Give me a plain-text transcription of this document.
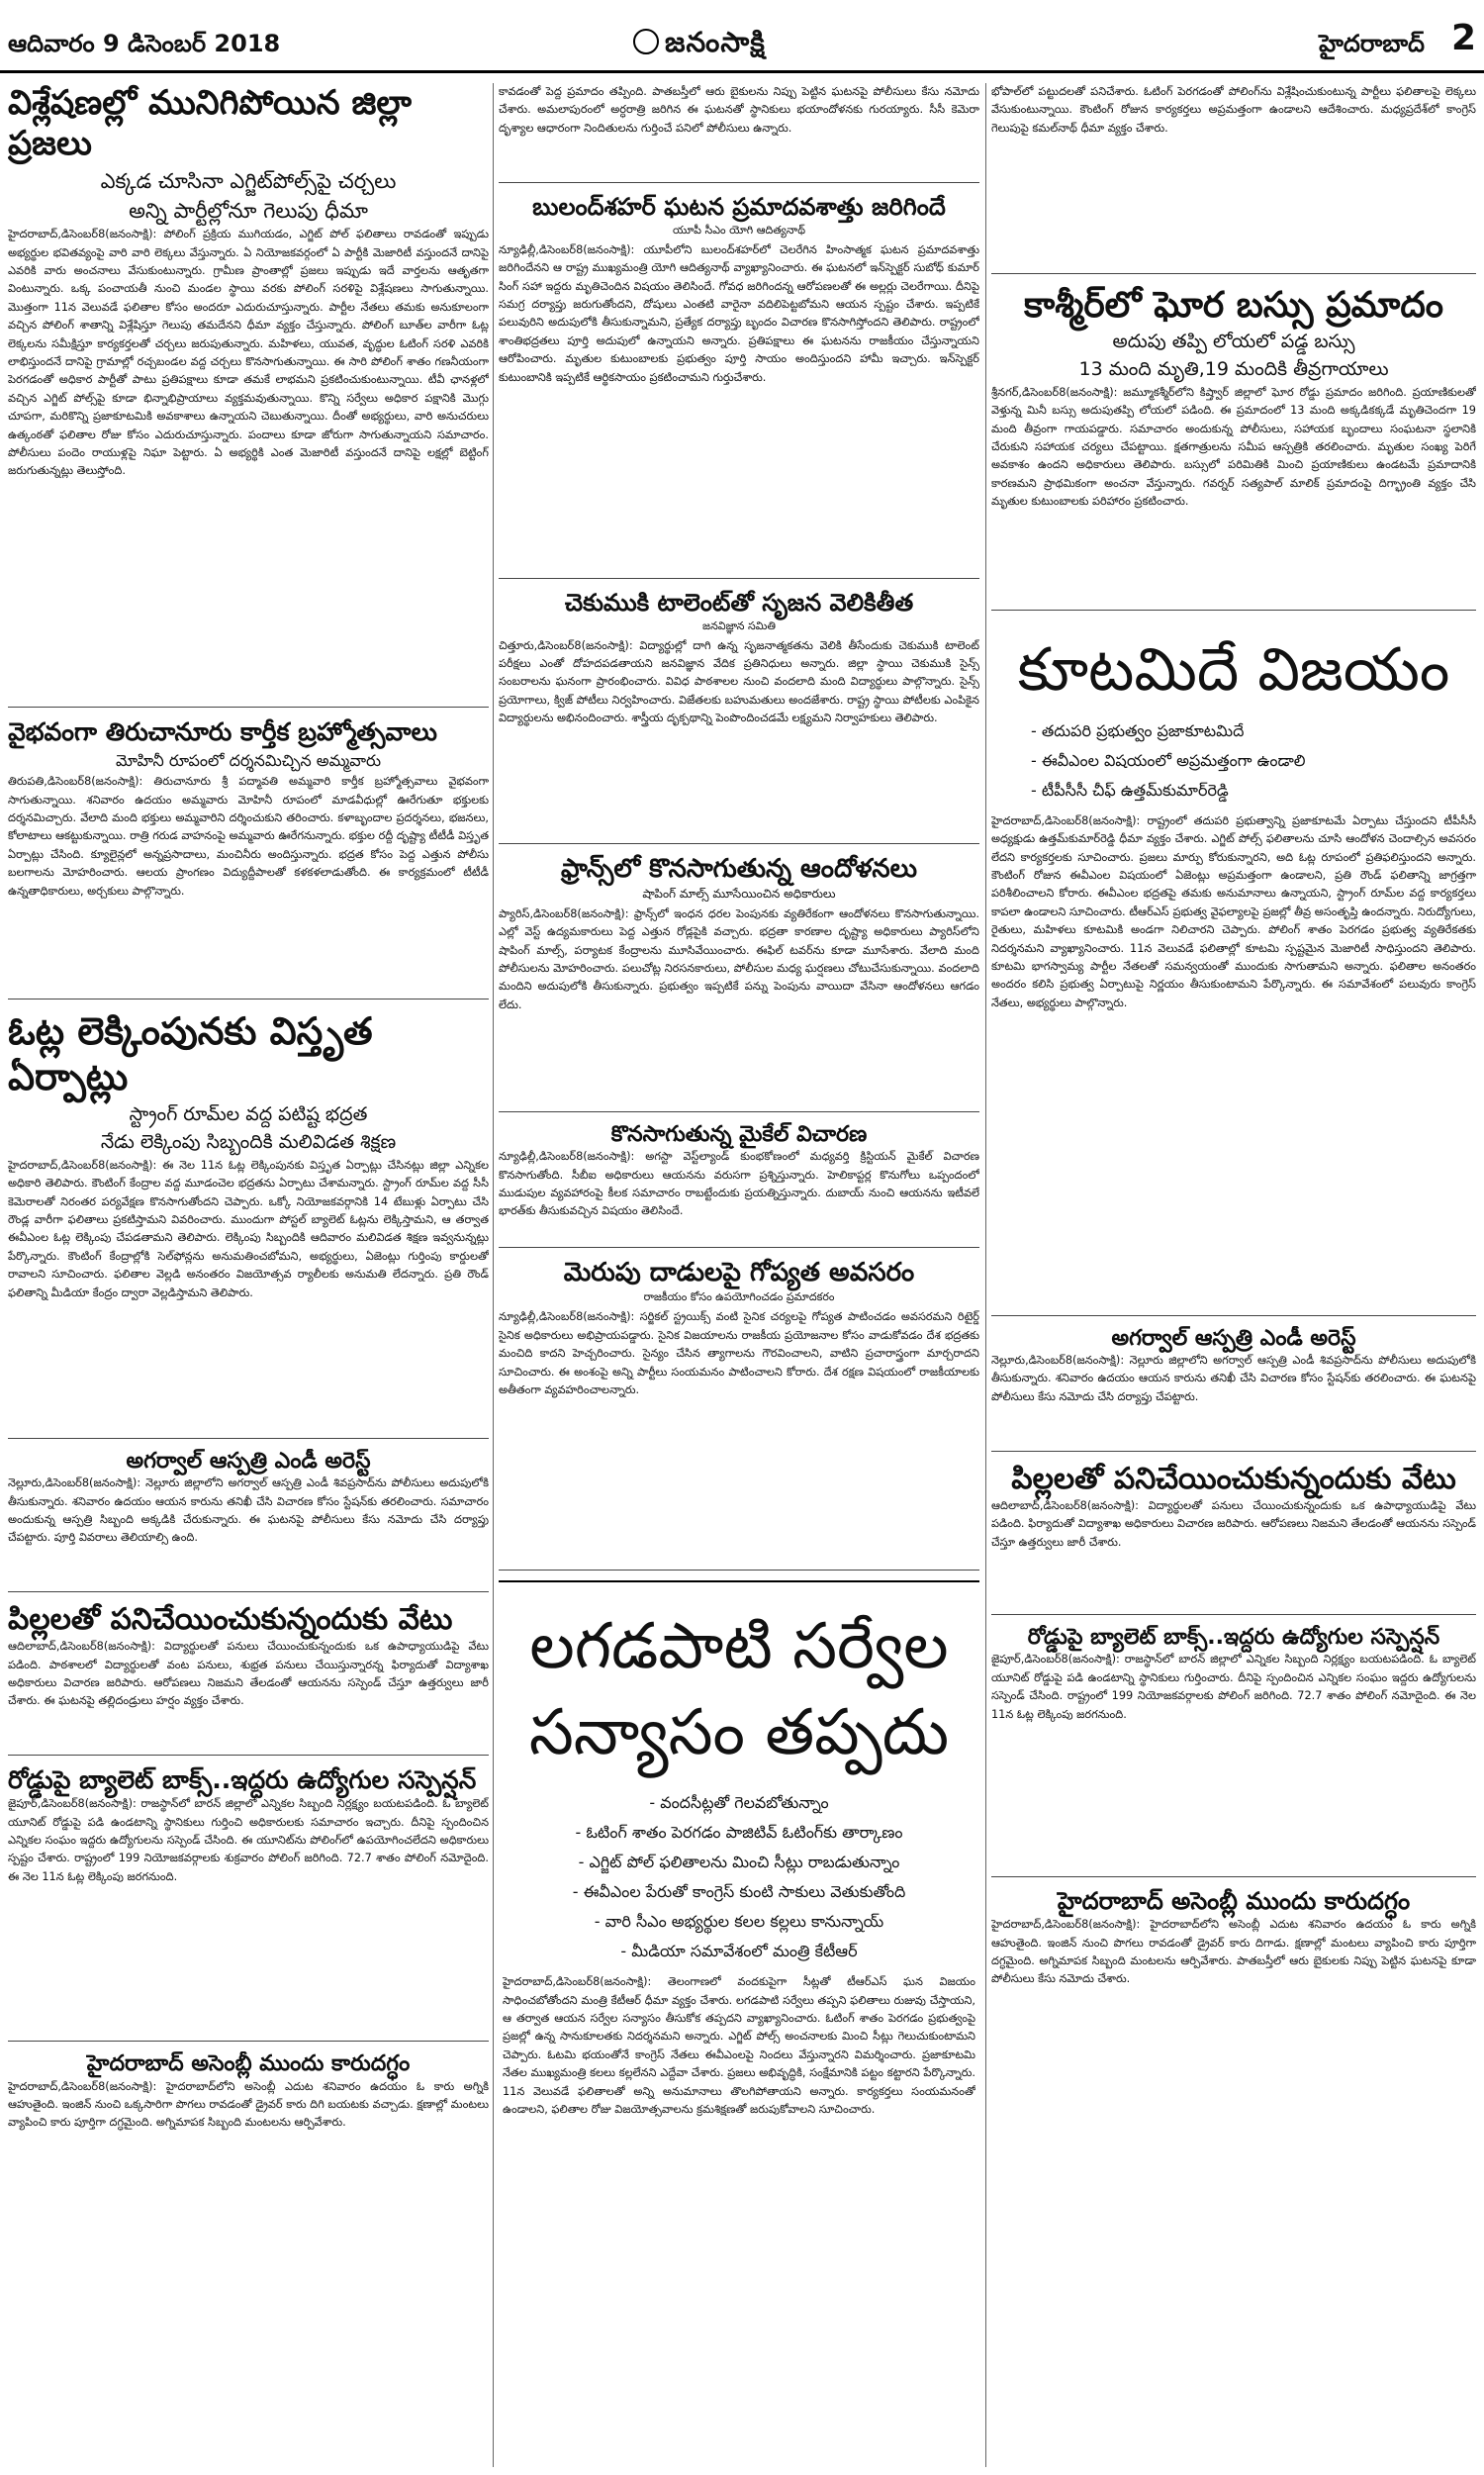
ఆదివారం 9 డిసెంబర్ 2018	జనంసాక్షి	హైదరాబాద్ 2
విశ్లేషణల్లో మునిగిపోయిన జిల్లా ప్రజలు
ఎక్కడ చూసినా ఎగ్జిట్‌పోల్స్‌పై చర్చలు
అన్ని పార్టీల్లోనూ గెలుపు ధీమా

హైదరాబాద్,డిసెంబర్‌8(జనంసాక్షి): పోలింగ్ ప్రక్రియ ముగియడం, ఎగ్జిట్ పోల్ ఫలితాలు రావడంతో ఇప్పుడు అభ్యర్థుల భవితవ్యంపై వారి వారి లెక్కలు వేస్తున్నారు. ఏ నియోజకవర్గంలో ఏ పార్టీకి మెజారిటీ వస్తుందనే దానిపై ఎవరికి వారు అంచనాలు వేసుకుంటున్నారు. గ్రామీణ ప్రాంతాల్లో ప్రజలు ఇప్పుడు ఇదే వార్తలను ఆతృతగా వింటున్నారు. ఒక్క పంచాయతీ నుంచి మండల స్థాయి వరకు పోలింగ్ సరళిపై విశ్లేషణలు సాగుతున్నాయి. మొత్తంగా 11న వెలువడే ఫలితాల కోసం అందరూ ఎదురుచూస్తున్నారు. పార్టీల నేతలు తమకు అనుకూలంగా వచ్చిన పోలింగ్ శాతాన్ని విశ్లేషిస్తూ గెలుపు తమదేనని ధీమా వ్యక్తం చేస్తున్నారు. పోలింగ్ బూత్‌ల వారీగా ఓట్ల లెక్కలను సమీక్షిస్తూ కార్యకర్తలతో చర్చలు జరుపుతున్నారు. మహిళలు, యువత, వృద్ధుల ఓటింగ్ సరళి ఎవరికి లాభిస్తుందనే దానిపై గ్రామాల్లో రచ్చబండల వద్ద చర్చలు కొనసాగుతున్నాయి. ఈ సారి పోలింగ్ శాతం గణనీయంగా పెరగడంతో అధికార పార్టీతో పాటు ప్రతిపక్షాలు కూడా తమకే లాభమని ప్రకటించుకుంటున్నాయి. టీవీ ఛానళ్లలో వచ్చిన ఎగ్జిట్ పోల్స్‌పై కూడా భిన్నాభిప్రాయాలు వ్యక్తమవుతున్నాయి. కొన్ని సర్వేలు అధికార పక్షానికి మొగ్గు చూపగా, మరికొన్ని ప్రజాకూటమికి అవకాశాలు ఉన్నాయని చెబుతున్నాయి. దీంతో అభ్యర్థులు, వారి అనుచరులు ఉత్కంఠతో ఫలితాల రోజు కోసం ఎదురుచూస్తున్నారు. పందాలు కూడా జోరుగా సాగుతున్నాయని సమాచారం. పోలీసులు పందెం రాయుళ్లపై నిఘా పెట్టారు. ఏ అభ్యర్థికి ఎంత మెజారిటీ వస్తుందనే దానిపై లక్షల్లో బెట్టింగ్ జరుగుతున్నట్లు తెలుస్తోంది.

వైభవంగా తిరుచానూరు కార్తీక బ్రహ్మోత్సవాలు
మోహినీ రూపంలో దర్శనమిచ్చిన అమ్మవారు

తిరుపతి,డిసెంబర్‌8(జనంసాక్షి): తిరుచానూరు శ్రీ పద్మావతి అమ్మవారి కార్తీక బ్రహ్మోత్సవాలు వైభవంగా సాగుతున్నాయి. శనివారం ఉదయం అమ్మవారు మోహినీ రూపంలో మాడవీధుల్లో ఊరేగుతూ భక్తులకు దర్శనమిచ్చారు. వేలాది మంది భక్తులు అమ్మవారిని దర్శించుకుని తరించారు. కళాబృందాల ప్రదర్శనలు, భజనలు, కోలాటాలు ఆకట్టుకున్నాయి. రాత్రి గరుడ వాహనంపై అమ్మవారు ఊరేగనున్నారు. భక్తుల రద్దీ దృష్ట్యా టీటీడీ విస్తృత ఏర్పాట్లు చేసింది. క్యూలైన్లలో అన్నప్రసాదాలు, మంచినీరు అందిస్తున్నారు. భద్రత కోసం పెద్ద ఎత్తున పోలీసు బలగాలను మోహరించారు. ఆలయ ప్రాంగణం విద్యుద్దీపాలతో కళకళలాడుతోంది. ఈ కార్యక్రమంలో టీటీడీ ఉన్నతాధికారులు, అర్చకులు పాల్గొన్నారు.

ఓట్ల లెక్కింపునకు విస్తృత ఏర్పాట్లు
స్ట్రాంగ్ రూమ్‌ల వద్ద పటిష్ట భద్రత
నేడు లెక్కింపు సిబ్బందికి మలివిడత శిక్షణ

హైదరాబాద్,డిసెంబర్‌8(జనంసాక్షి): ఈ నెల 11న ఓట్ల లెక్కింపునకు విస్తృత ఏర్పాట్లు చేసినట్లు జిల్లా ఎన్నికల అధికారి తెలిపారు. కౌంటింగ్ కేంద్రాల వద్ద మూడంచెల భద్రతను ఏర్పాటు చేశామన్నారు. స్ట్రాంగ్ రూమ్‌ల వద్ద సీసీ కెమెరాలతో నిరంతర పర్యవేక్షణ కొనసాగుతోందని చెప్పారు. ఒక్కో నియోజకవర్గానికి 14 టేబుళ్లు ఏర్పాటు చేసి రౌండ్ల వారీగా ఫలితాలు ప్రకటిస్తామని వివరించారు. ముందుగా పోస్టల్ బ్యాలెట్ ఓట్లను లెక్కిస్తామని, ఆ తర్వాత ఈవీఎంల ఓట్ల లెక్కింపు చేపడతామని తెలిపారు. లెక్కింపు సిబ్బందికి ఆదివారం మలివిడత శిక్షణ ఇవ్వనున్నట్లు పేర్కొన్నారు. కౌంటింగ్ కేంద్రాల్లోకి సెల్‌ఫోన్లను అనుమతించబోమని, అభ్యర్థులు, ఏజెంట్లు గుర్తింపు కార్డులతో రావాలని సూచించారు. ఫలితాల వెల్లడి అనంతరం విజయోత్సవ ర్యాలీలకు అనుమతి లేదన్నారు. ప్రతి రౌండ్ ఫలితాన్ని మీడియా కేంద్రం ద్వారా వెల్లడిస్తామని తెలిపారు.

అగర్వాల్ ఆస్పత్రి ఎండీ అరెస్ట్

నెల్లూరు,డిసెంబర్‌8(జనంసాక్షి): నెల్లూరు జిల్లాలోని అగర్వాల్ ఆస్పత్రి ఎండీ శివప్రసాద్‌ను పోలీసులు అదుపులోకి తీసుకున్నారు. శనివారం ఉదయం ఆయన కారును తనిఖీ చేసి విచారణ కోసం స్టేషన్‌కు తరలించారు. సమాచారం అందుకున్న ఆస్పత్రి సిబ్బంది అక్కడికి చేరుకున్నారు. ఈ ఘటనపై పోలీసులు కేసు నమోదు చేసి దర్యాప్తు చేపట్టారు. పూర్తి వివరాలు తెలియాల్సి ఉంది.

పిల్లలతో పనిచేయించుకున్నందుకు వేటు

ఆదిలాబాద్,డిసెంబర్‌8(జనంసాక్షి): విద్యార్థులతో పనులు చేయించుకున్నందుకు ఒక ఉపాధ్యాయుడిపై వేటు పడింది. పాఠశాలలో విద్యార్థులతో వంట పనులు, శుభ్రత పనులు చేయిస్తున్నారన్న ఫిర్యాదుతో విద్యాశాఖ అధికారులు విచారణ జరిపారు. ఆరోపణలు నిజమని తేలడంతో ఆయనను సస్పెండ్ చేస్తూ ఉత్తర్వులు జారీ చేశారు. ఈ ఘటనపై తల్లిదండ్రులు హర్షం వ్యక్తం చేశారు.

రోడ్డుపై బ్యాలెట్ బాక్స్..ఇద్దరు ఉద్యోగుల సస్పెన్షన్

జైపూర్,డిసెంబర్‌8(జనంసాక్షి): రాజస్థాన్‌లో బారన్ జిల్లాలో ఎన్నికల సిబ్బంది నిర్లక్ష్యం బయటపడింది. ఓ బ్యాలెట్ యూనిట్ రోడ్డుపై పడి ఉండటాన్ని స్థానికులు గుర్తించి అధికారులకు సమాచారం ఇచ్చారు. దీనిపై స్పందించిన ఎన్నికల సంఘం ఇద్దరు ఉద్యోగులను సస్పెండ్ చేసింది. ఈ యూనిట్‌ను పోలింగ్‌లో ఉపయోగించలేదని అధికారులు స్పష్టం చేశారు. రాష్ట్రంలో 199 నియోజకవర్గాలకు శుక్రవారం పోలింగ్ జరిగింది. 72.7 శాతం పోలింగ్ నమోదైంది. ఈ నెల 11న ఓట్ల లెక్కింపు జరగనుంది.

హైదరాబాద్ అసెంబ్లీ ముందు కారుదగ్ధం

హైదరాబాద్,డిసెంబర్‌8(జనంసాక్షి): హైదరాబాద్‌లోని అసెంబ్లీ ఎదుట శనివారం ఉదయం ఓ కారు అగ్నికి ఆహుతైంది. ఇంజిన్ నుంచి ఒక్కసారిగా పొగలు రావడంతో డ్రైవర్ కారు దిగి బయటకు వచ్చాడు. క్షణాల్లో మంటలు వ్యాపించి కారు పూర్తిగా దగ్ధమైంది. అగ్నిమాపక సిబ్బంది మంటలను ఆర్పివేశారు.

కావడంతో పెద్ద ప్రమాదం తప్పింది. పాతబస్తీలో ఆరు బైకులను నిప్పు పెట్టిన ఘటనపై పోలీసులు కేసు నమోదు చేశారు. అమలాపురంలో అర్ధరాత్రి జరిగిన ఈ ఘటనతో స్థానికులు భయాందోళనకు గురయ్యారు. సీసీ కెమెరా దృశ్యాల ఆధారంగా నిందితులను గుర్తించే పనిలో పోలీసులు ఉన్నారు.

బులంద్‌శహర్ ఘటన ప్రమాదవశాత్తు జరిగిందే
యూపీ సీఎం యోగి ఆదిత్యనాథ్

న్యూఢిల్లీ,డిసెంబర్‌8(జనంసాక్షి): యూపీలోని బులంద్‌శహర్‌లో చెలరేగిన హింసాత్మక ఘటన ప్రమాదవశాత్తు జరిగిందేనని ఆ రాష్ట్ర ముఖ్యమంత్రి యోగి ఆదిత్యనాథ్ వ్యాఖ్యానించారు. ఈ ఘటనలో ఇన్‌స్పెక్టర్ సుబోధ్ కుమార్ సింగ్ సహా ఇద్దరు మృతిచెందిన విషయం తెలిసిందే. గోవధ జరిగిందన్న ఆరోపణలతో ఈ అల్లర్లు చెలరేగాయి. దీనిపై సమగ్ర దర్యాప్తు జరుగుతోందని, దోషులు ఎంతటి వారైనా వదిలిపెట్టబోమని ఆయన స్పష్టం చేశారు. ఇప్పటికే పలువురిని అదుపులోకి తీసుకున్నామని, ప్రత్యేక దర్యాప్తు బృందం విచారణ కొనసాగిస్తోందని తెలిపారు. రాష్ట్రంలో శాంతిభద్రతలు పూర్తి అదుపులో ఉన్నాయని అన్నారు. ప్రతిపక్షాలు ఈ ఘటనను రాజకీయం చేస్తున్నాయని ఆరోపించారు. మృతుల కుటుంబాలకు ప్రభుత్వం పూర్తి సాయం అందిస్తుందని హామీ ఇచ్చారు. ఇన్‌స్పెక్టర్ కుటుంబానికి ఇప్పటికే ఆర్థికసాయం ప్రకటించామని గుర్తుచేశారు.

చెకుముకి టాలెంట్‌తో సృజన వెలికితీత
జనవిజ్ఞాన సమితి

చిత్తూరు,డిసెంబర్‌8(జనంసాక్షి): విద్యార్థుల్లో దాగి ఉన్న సృజనాత్మకతను వెలికి తీసేందుకు చెకుముకి టాలెంట్ పరీక్షలు ఎంతో దోహదపడతాయని జనవిజ్ఞాన వేదిక ప్రతినిధులు అన్నారు. జిల్లా స్థాయి చెకుముకి సైన్స్ సంబరాలను ఘనంగా ప్రారంభించారు. వివిధ పాఠశాలల నుంచి వందలాది మంది విద్యార్థులు పాల్గొన్నారు. సైన్స్ ప్రయోగాలు, క్విజ్ పోటీలు నిర్వహించారు. విజేతలకు బహుమతులు అందజేశారు. రాష్ట్ర స్థాయి పోటీలకు ఎంపికైన విద్యార్థులను అభినందించారు. శాస్త్రీయ దృక్పథాన్ని పెంపొందించడమే లక్ష్యమని నిర్వాహకులు తెలిపారు.

ఫ్రాన్స్‌లో కొనసాగుతున్న ఆందోళనలు
షాపింగ్ మాల్స్ మూసేయించిన అధికారులు

ప్యారిస్,డిసెంబర్‌8(జనంసాక్షి): ఫ్రాన్స్‌లో ఇంధన ధరల పెంపునకు వ్యతిరేకంగా ఆందోళనలు కొనసాగుతున్నాయి. ఎల్లో వెస్ట్ ఉద్యమకారులు పెద్ద ఎత్తున రోడ్లపైకి వచ్చారు. భద్రతా కారణాల దృష్ట్యా అధికారులు ప్యారిస్‌లోని షాపింగ్ మాల్స్, పర్యాటక కేంద్రాలను మూసివేయించారు. ఈఫిల్ టవర్‌ను కూడా మూసేశారు. వేలాది మంది పోలీసులను మోహరించారు. పలుచోట్ల నిరసనకారులు, పోలీసుల మధ్య ఘర్షణలు చోటుచేసుకున్నాయి. వందలాది మందిని అదుపులోకి తీసుకున్నారు. ప్రభుత్వం ఇప్పటికే పన్ను పెంపును వాయిదా వేసినా ఆందోళనలు ఆగడం లేదు.

కొనసాగుతున్న మైకేల్ విచారణ

న్యూఢిల్లీ,డిసెంబర్‌8(జనంసాక్షి): అగస్టా వెస్ట్‌ల్యాండ్ కుంభకోణంలో మధ్యవర్తి క్రిస్టియన్ మైకేల్ విచారణ కొనసాగుతోంది. సీబీఐ అధికారులు ఆయనను వరుసగా ప్రశ్నిస్తున్నారు. హెలికాప్టర్ల కొనుగోలు ఒప్పందంలో ముడుపుల వ్యవహారంపై కీలక సమాచారం రాబట్టేందుకు ప్రయత్నిస్తున్నారు. దుబాయ్ నుంచి ఆయనను ఇటీవలే భారత్‌కు తీసుకువచ్చిన విషయం తెలిసిందే.

మెరుపు దాడులపై గోప్యత అవసరం
రాజకీయం కోసం ఉపయోగించడం ప్రమాదకరం

న్యూఢిల్లీ,డిసెంబర్‌8(జనంసాక్షి): సర్జికల్ స్ట్రయిక్స్ వంటి సైనిక చర్యలపై గోప్యత పాటించడం అవసరమని రిటైర్డ్ సైనిక అధికారులు అభిప్రాయపడ్డారు. సైనిక విజయాలను రాజకీయ ప్రయోజనాల కోసం వాడుకోవడం దేశ భద్రతకు మంచిది కాదని హెచ్చరించారు. సైన్యం చేసిన త్యాగాలను గౌరవించాలని, వాటిని ప్రచారాస్త్రంగా మార్చరాదని సూచించారు. ఈ అంశంపై అన్ని పార్టీలు సంయమనం పాటించాలని కోరారు. దేశ రక్షణ విషయంలో రాజకీయాలకు అతీతంగా వ్యవహరించాలన్నారు.

లగడపాటి సర్వేల సన్యాసం తప్పదు
- వందసీట్లతో గెలవబోతున్నాం
- ఓటింగ్ శాతం పెరగడం పాజిటివ్ ఓటింగ్‌కు తార్కాణం
- ఎగ్జిట్ పోల్ ఫలితాలను మించి సీట్లు రాబడుతున్నాం
- ఈవీఎంల పేరుతో కాంగ్రెస్ కుంటి సాకులు వెతుకుతోంది
- వారి సీఎం అభ్యర్థుల కలల కల్లలు కానున్నాయ్
- మీడియా సమావేశంలో మంత్రి కేటీఆర్

హైదరాబాద్,డిసెంబర్‌8(జనంసాక్షి): తెలంగాణలో వందకుపైగా సీట్లతో టీఆర్ఎస్ ఘన విజయం సాధించబోతోందని మంత్రి కేటీఆర్ ధీమా వ్యక్తం చేశారు. లగడపాటి సర్వేలు తప్పని ఫలితాలు రుజువు చేస్తాయని, ఆ తర్వాత ఆయన సర్వేల సన్యాసం తీసుకోక తప్పదని వ్యాఖ్యానించారు. ఓటింగ్ శాతం పెరగడం ప్రభుత్వంపై ప్రజల్లో ఉన్న సానుకూలతకు నిదర్శనమని అన్నారు. ఎగ్జిట్ పోల్స్ అంచనాలకు మించి సీట్లు గెలుచుకుంటామని చెప్పారు. ఓటమి భయంతోనే కాంగ్రెస్ నేతలు ఈవీఎంలపై నిందలు వేస్తున్నారని విమర్శించారు. ప్రజాకూటమి నేతల ముఖ్యమంత్రి కలలు కల్లలేనని ఎద్దేవా చేశారు. ప్రజలు అభివృద్ధికి, సంక్షేమానికి పట్టం కట్టారని పేర్కొన్నారు. 11న వెలువడే ఫలితాలతో అన్ని అనుమానాలు తొలగిపోతాయని అన్నారు. కార్యకర్తలు సంయమనంతో ఉండాలని, ఫలితాల రోజు విజయోత్సవాలను క్రమశిక్షణతో జరుపుకోవాలని సూచించారు.

భోపాల్‌లో పట్టుదలతో పనిచేశారు. ఓటింగ్ పెరగడంతో పోలింగ్‌ను విశ్లేషించుకుంటున్న పార్టీలు ఫలితాలపై లెక్కలు వేసుకుంటున్నాయి. కౌంటింగ్ రోజున కార్యకర్తలు అప్రమత్తంగా ఉండాలని ఆదేశించారు. మధ్యప్రదేశ్‌లో కాంగ్రెస్ గెలుపుపై కమల్‌నాథ్ ధీమా వ్యక్తం చేశారు.

కాశ్మీర్‌లో ఘోర బస్సు ప్రమాదం
అదుపు తప్పి లోయలో పడ్డ బస్సు
13 మంది మృతి,19 మందికి తీవ్రగాయాలు

శ్రీనగర్,డిసెంబర్‌8(జనంసాక్షి): జమ్మూకశ్మీర్‌లోని కిష్త్వార్ జిల్లాలో ఘోర రోడ్డు ప్రమాదం జరిగింది. ప్రయాణికులతో వెళ్తున్న మినీ బస్సు అదుపుతప్పి లోయలో పడింది. ఈ ప్రమాదంలో 13 మంది అక్కడికక్కడే మృతిచెందగా 19 మంది తీవ్రంగా గాయపడ్డారు. సమాచారం అందుకున్న పోలీసులు, సహాయక బృందాలు సంఘటనా స్థలానికి చేరుకుని సహాయక చర్యలు చేపట్టాయి. క్షతగాత్రులను సమీప ఆస్పత్రికి తరలించారు. మృతుల సంఖ్య పెరిగే అవకాశం ఉందని అధికారులు తెలిపారు. బస్సులో పరిమితికి మించి ప్రయాణికులు ఉండటమే ప్రమాదానికి కారణమని ప్రాథమికంగా అంచనా వేస్తున్నారు. గవర్నర్ సత్యపాల్ మాలిక్ ప్రమాదంపై దిగ్భ్రాంతి వ్యక్తం చేసి మృతుల కుటుంబాలకు పరిహారం ప్రకటించారు.

కూటమిదే విజయం
- తదుపరి ప్రభుత్వం ప్రజాకూటమిదే
- ఈవీఎంల విషయంలో అప్రమత్తంగా ఉండాలి
- టీపీసీసీ చీఫ్ ఉత్తమ్‌కుమార్‌రెడ్డి

హైదరాబాద్,డిసెంబర్‌8(జనంసాక్షి): రాష్ట్రంలో తదుపరి ప్రభుత్వాన్ని ప్రజాకూటమే ఏర్పాటు చేస్తుందని టీపీసీసీ అధ్యక్షుడు ఉత్తమ్‌కుమార్‌రెడ్డి ధీమా వ్యక్తం చేశారు. ఎగ్జిట్ పోల్స్ ఫలితాలను చూసి ఆందోళన చెందాల్సిన అవసరం లేదని కార్యకర్తలకు సూచించారు. ప్రజలు మార్పు కోరుకున్నారని, అది ఓట్ల రూపంలో ప్రతిఫలిస్తుందని అన్నారు. కౌంటింగ్ రోజున ఈవీఎంల విషయంలో ఏజెంట్లు అప్రమత్తంగా ఉండాలని, ప్రతి రౌండ్ ఫలితాన్ని జాగ్రత్తగా పరిశీలించాలని కోరారు. ఈవీఎంల భద్రతపై తమకు అనుమానాలు ఉన్నాయని, స్ట్రాంగ్ రూమ్‌ల వద్ద కార్యకర్తలు కాపలా ఉండాలని సూచించారు. టీఆర్ఎస్ ప్రభుత్వ వైఫల్యాలపై ప్రజల్లో తీవ్ర అసంతృప్తి ఉందన్నారు. నిరుద్యోగులు, రైతులు, మహిళలు కూటమికి అండగా నిలిచారని చెప్పారు. పోలింగ్ శాతం పెరగడం ప్రభుత్వ వ్యతిరేకతకు నిదర్శనమని వ్యాఖ్యానించారు. 11న వెలువడే ఫలితాల్లో కూటమి స్పష్టమైన మెజారిటీ సాధిస్తుందని తెలిపారు. కూటమి భాగస్వామ్య పార్టీల నేతలతో సమన్వయంతో ముందుకు సాగుతామని అన్నారు. ఫలితాల అనంతరం అందరం కలిసి ప్రభుత్వ ఏర్పాటుపై నిర్ణయం తీసుకుంటామని పేర్కొన్నారు. ఈ సమావేశంలో పలువురు కాంగ్రెస్ నేతలు, అభ్యర్థులు పాల్గొన్నారు.

అగర్వాల్ ఆస్పత్రి ఎండీ అరెస్ట్

నెల్లూరు,డిసెంబర్‌8(జనంసాక్షి): నెల్లూరు జిల్లాలోని అగర్వాల్ ఆస్పత్రి ఎండీ శివప్రసాద్‌ను పోలీసులు అదుపులోకి తీసుకున్నారు. శనివారం ఉదయం ఆయన కారును తనిఖీ చేసి విచారణ కోసం స్టేషన్‌కు తరలించారు. ఈ ఘటనపై పోలీసులు కేసు నమోదు చేసి దర్యాప్తు చేపట్టారు.

పిల్లలతో పనిచేయించుకున్నందుకు వేటు

ఆదిలాబాద్,డిసెంబర్‌8(జనంసాక్షి): విద్యార్థులతో పనులు చేయించుకున్నందుకు ఒక ఉపాధ్యాయుడిపై వేటు పడింది. ఫిర్యాదుతో విద్యాశాఖ అధికారులు విచారణ జరిపారు. ఆరోపణలు నిజమని తేలడంతో ఆయనను సస్పెండ్ చేస్తూ ఉత్తర్వులు జారీ చేశారు.

రోడ్డుపై బ్యాలెట్ బాక్స్..ఇద్దరు ఉద్యోగుల సస్పెన్షన్

జైపూర్,డిసెంబర్‌8(జనంసాక్షి): రాజస్థాన్‌లో బారన్ జిల్లాలో ఎన్నికల సిబ్బంది నిర్లక్ష్యం బయటపడింది. ఓ బ్యాలెట్ యూనిట్ రోడ్డుపై పడి ఉండటాన్ని స్థానికులు గుర్తించారు. దీనిపై స్పందించిన ఎన్నికల సంఘం ఇద్దరు ఉద్యోగులను సస్పెండ్ చేసింది. రాష్ట్రంలో 199 నియోజకవర్గాలకు పోలింగ్ జరిగింది. 72.7 శాతం పోలింగ్ నమోదైంది. ఈ నెల 11న ఓట్ల లెక్కింపు జరగనుంది.

హైదరాబాద్ అసెంబ్లీ ముందు కారుదగ్ధం

హైదరాబాద్,డిసెంబర్‌8(జనంసాక్షి): హైదరాబాద్‌లోని అసెంబ్లీ ఎదుట శనివారం ఉదయం ఓ కారు అగ్నికి ఆహుతైంది. ఇంజిన్ నుంచి పొగలు రావడంతో డ్రైవర్ కారు దిగాడు. క్షణాల్లో మంటలు వ్యాపించి కారు పూర్తిగా దగ్ధమైంది. అగ్నిమాపక సిబ్బంది మంటలను ఆర్పివేశారు. పాతబస్తీలో ఆరు బైకులకు నిప్పు పెట్టిన ఘటనపై కూడా పోలీసులు కేసు నమోదు చేశారు.
